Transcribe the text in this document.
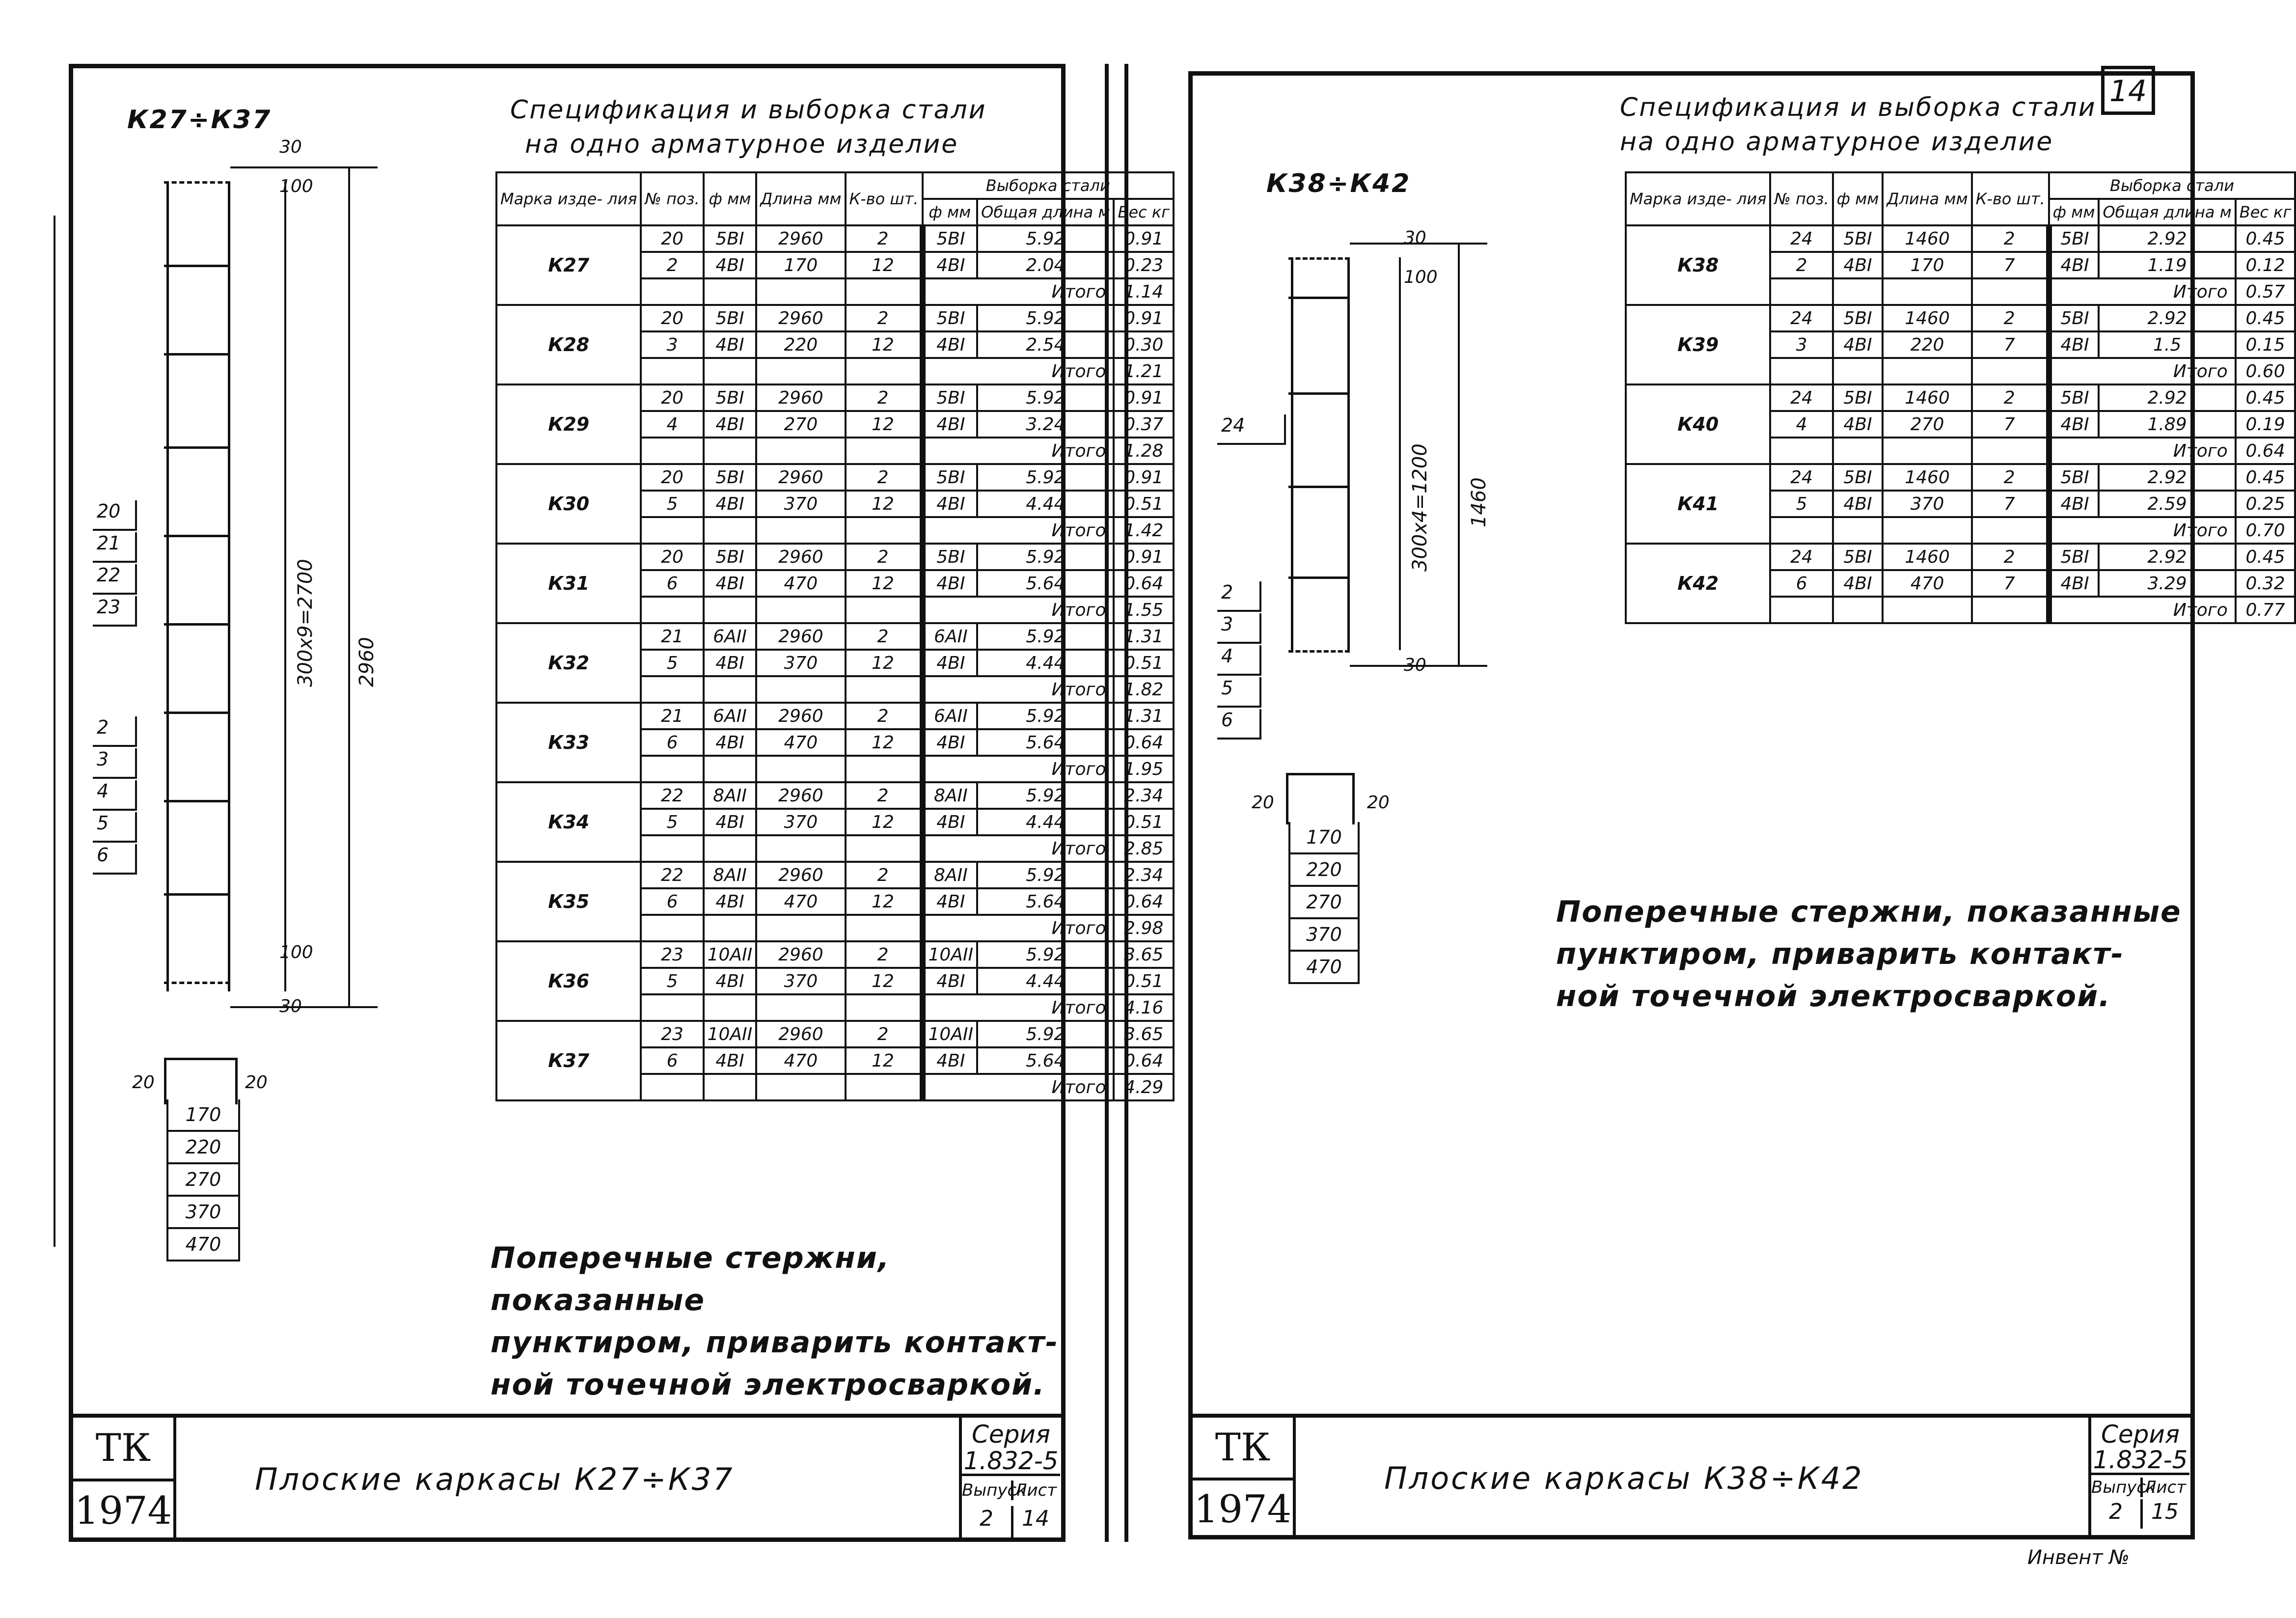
К27÷К37	Спецификация и выборка стали
на одно арматурное изделие
30
100
300х9=2700 2960
100
30
20
21
22
23
2
3
4
5
6
20	20
170
220
270
370
470
Марка изде- лия	№ поз.	ф мм	Длина мм	К-во шт.	Выборка стали		
					ф мм	Общая длина м	Вес кг
К27	20	5ВI	2960	2	5ВI	5.92	0.91
	2	4ВI	170	12	4ВI	2.04	0.23
					Итого		1.14
К28	20	5ВI	2960	2	5ВI	5.92	0.91
	3	4ВI	220	12	4ВI	2.54	0.30
					Итого		1.21
К29	20	5ВI	2960	2	5ВI	5.92	0.91
	4	4ВI	270	12	4ВI	3.24	0.37
					Итого		1.28
К30	20	5ВI	2960	2	5ВI	5.92	0.91
	5	4ВI	370	12	4ВI	4.44	0.51
					Итого		1.42
К31	20	5ВI	2960	2	5ВI	5.92	0.91
	6	4ВI	470	12	4ВI	5.64	0.64
					Итого		1.55
К32	21	6АII	2960	2	6АII	5.92	1.31
	5	4ВI	370	12	4ВI	4.44	0.51
					Итого		1.82
К33	21	6АII	2960	2	6АII	5.92	1.31
	6	4ВI	470	12	4ВI	5.64	0.64
					Итого		1.95
К34	22	8АII	2960	2	8АII	5.92	2.34
	5	4ВI	370	12	4ВI	4.44	0.51
					Итого		2.85
К35	22	8АII	2960	2	8АII	5.92	2.34
	6	4ВI	470	12	4ВI	5.64	0.64
					Итого		2.98
К36	23	10АII	2960	2	10АII	5.92	3.65
	5	4ВI	370	12	4ВI	4.44	0.51
					Итого		4.16
К37	23	10АII	2960	2	10АII	5.92	3.65
	6	4ВI	470	12	4ВI	5.64	0.64
					Итого		4.29
Поперечные стержни, показанные
пунктиром, приварить контакт-
ной точечной электросваркой.
ТК
1974
Плоские каркасы К27÷К37
Серия
1.832-5
Выпуск
Лист
2	14
14
К38÷К42
Спецификация и выборка стали
на одно арматурное изделие
30
100
300х4=1200 1460
30
24
2
3
4
5
6
20	20
170
220
270
370
470
Марка изде- лия	№ поз.	ф мм	Длина мм	К-во шт.	Выборка стали		
					ф мм	Общая длина м	Вес кг
К38	24	5ВI	1460	2	5ВI	2.92	0.45
	2	4ВI	170	7	4ВI	1.19	0.12
					Итого		0.57
К39	24	5ВI	1460	2	5ВI	2.92	0.45
	3	4ВI	220	7	4ВI	1.5	0.15
					Итого		0.60
К40	24	5ВI	1460	2	5ВI	2.92	0.45
	4	4ВI	270	7	4ВI	1.89	0.19
					Итого		0.64
К41	24	5ВI	1460	2	5ВI	2.92	0.45
	5	4ВI	370	7	4ВI	2.59	0.25
					Итого		0.70
К42	24	5ВI	1460	2	5ВI	2.92	0.45
	6	4ВI	470	7	4ВI	3.29	0.32
					Итого		0.77
Поперечные стержни, показанные
пунктиром, приварить контакт-
ной точечной электросваркой.
ТК
1974
Плоские каркасы К38÷К42
Серия
1.832-5
Выпуск
Лист
2	15
Инвент №
